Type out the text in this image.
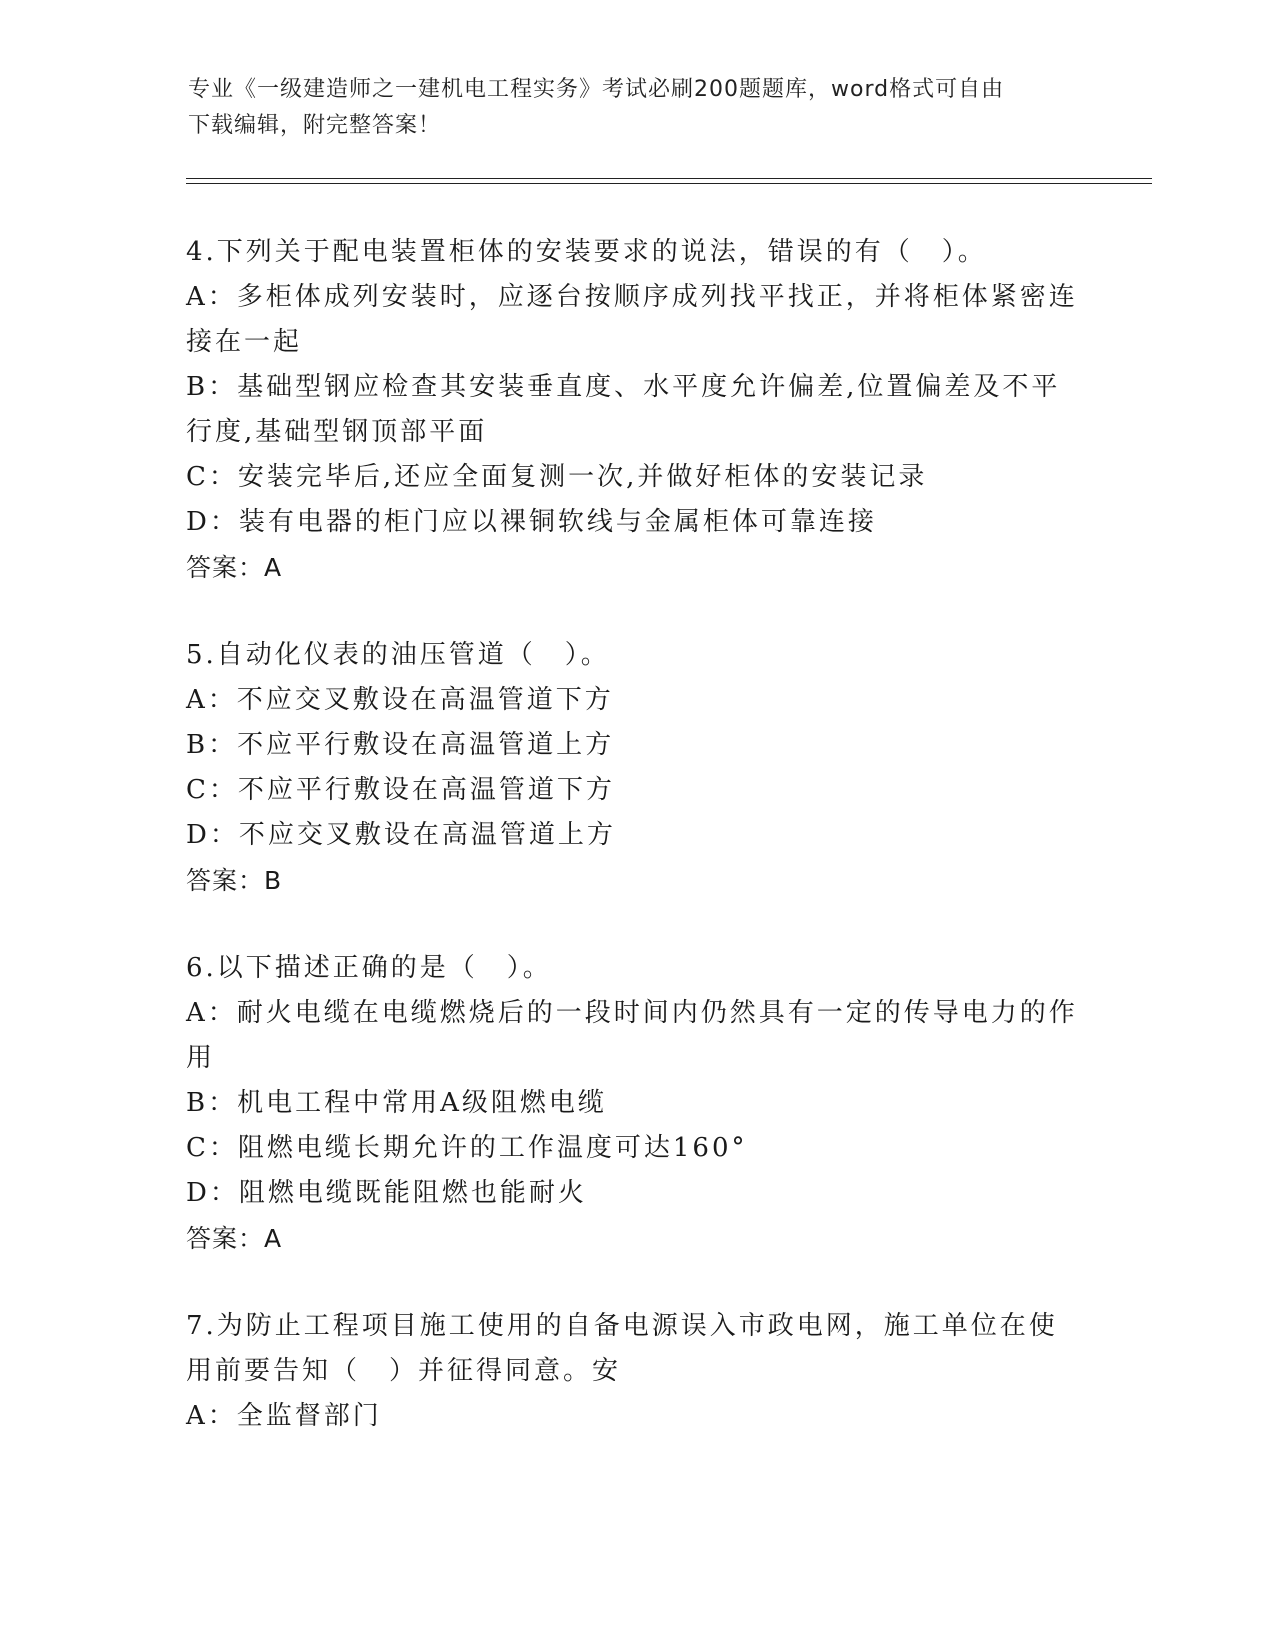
专业《一级建造师之一建机电工程实务》考试必刷200题题库，word格式可自由
下载编辑，附完整答案！

4.下列关于配电装置柜体的安装要求的说法，错误的有（　）。

A：多柜体成列安装时，应逐台按顺序成列找平找正，并将柜体紧密连

接在一起

B：基础型钢应检查其安装垂直度、水平度允许偏差,位置偏差及不平

行度,基础型钢顶部平面

C：安装完毕后,还应全面复测一次,并做好柜体的安装记录

D：装有电器的柜门应以裸铜软线与金属柜体可靠连接

答案：A

5.自动化仪表的油压管道（　）。

A：不应交叉敷设在高温管道下方

B：不应平行敷设在高温管道上方

C：不应平行敷设在高温管道下方

D：不应交叉敷设在高温管道上方

答案：B

6.以下描述正确的是（　）。

A：耐火电缆在电缆燃烧后的一段时间内仍然具有一定的传导电力的作

用

B：机电工程中常用A级阻燃电缆

C：阻燃电缆长期允许的工作温度可达160°

D：阻燃电缆既能阻燃也能耐火

答案：A

7.为防止工程项目施工使用的自备电源误入市政电网，施工单位在使

用前要告知（　）并征得同意。安

A：全监督部门
